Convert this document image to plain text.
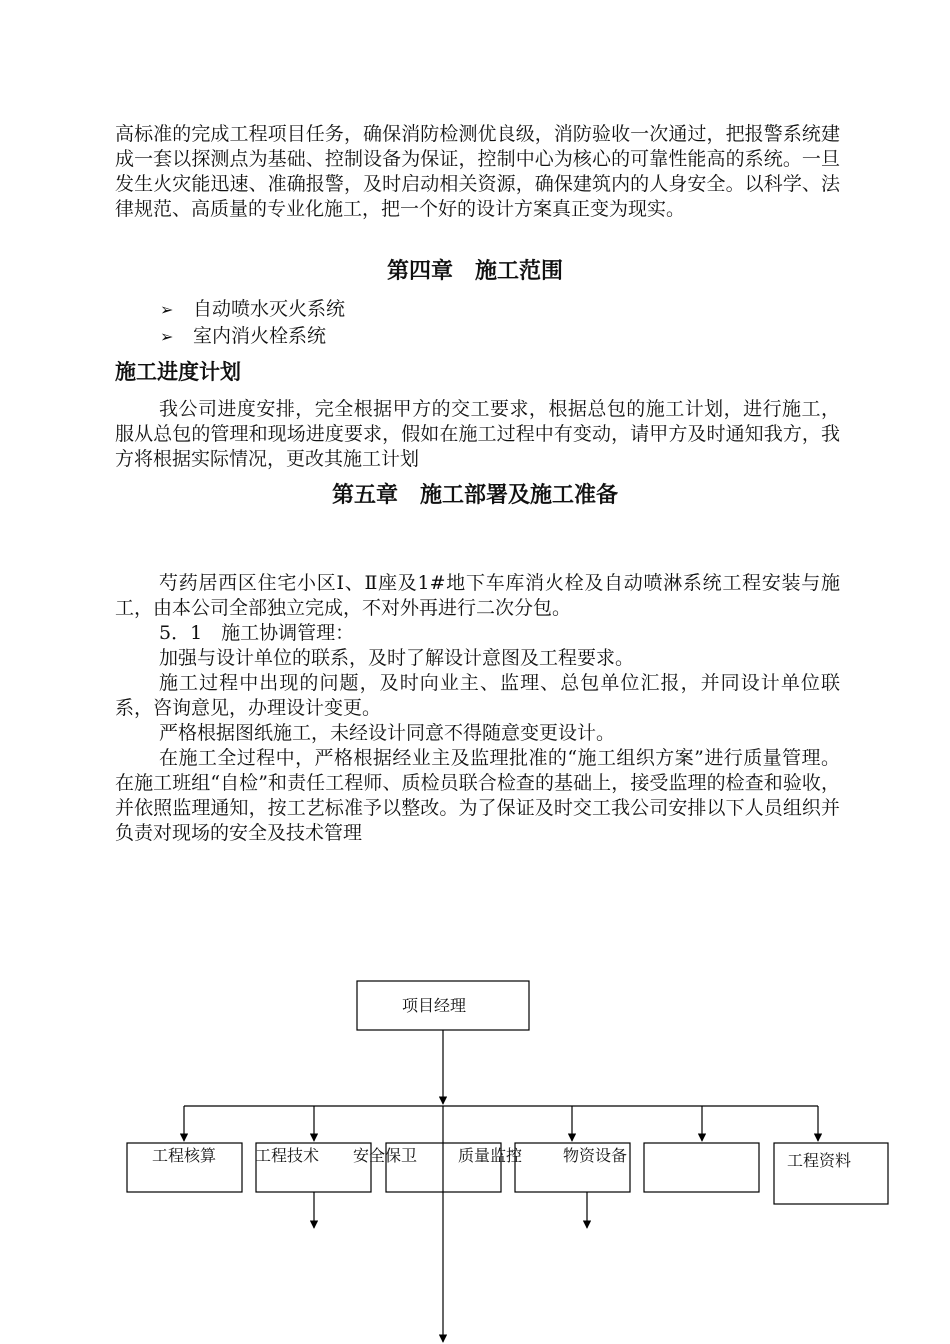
高标准的完成工程项目任务，确保消防检测优良级，消防验收一次通过，把报警系统建成一套以探测点为基础、控制设备为保证，控制中心为核心的可靠性能高的系统。一旦发生火灾能迅速、准确报警，及时启动相关资源，确保建筑内的人身安全。以科学、法律规范、高质量的专业化施工，把一个好的设计方案真正变为现实。

第四章　施工范围
➢ 自动喷水灭火系统
➢ 室内消火栓系统
施工进度计划

我公司进度安排，完全根据甲方的交工要求，根据总包的施工计划，进行施工，服从总包的管理和现场进度要求，假如在施工过程中有变动，请甲方及时通知我方，我方将根据实际情况，更改其施工计划

第五章　施工部署及施工准备

芍药居西区住宅小区Ⅰ、Ⅱ座及1#地下车库消火栓及自动喷淋系统工程安装与施工，由本公司全部独立完成，不对外再进行二次分包。

5．1　施工协调管理：

加强与设计单位的联系，及时了解设计意图及工程要求。

施工过程中出现的问题，及时向业主、监理、总包单位汇报，并同设计单位联系，咨询意见，办理设计变更。

严格根据图纸施工，未经设计同意不得随意变更设计。

在施工全过程中，严格根据经业主及监理批准的“施工组织方案”进行质量管理。在施工班组“自检”和责任工程师、质检员联合检查的基础上，接受监理的检查和验收，并依照监理通知，按工艺标准予以整改。为了保证及时交工我公司安排以下人员组织并负责对现场的安全及技术管理

项目经理
工程核算 工程技术 安全保卫	质量监控	物资设备	工程资料
